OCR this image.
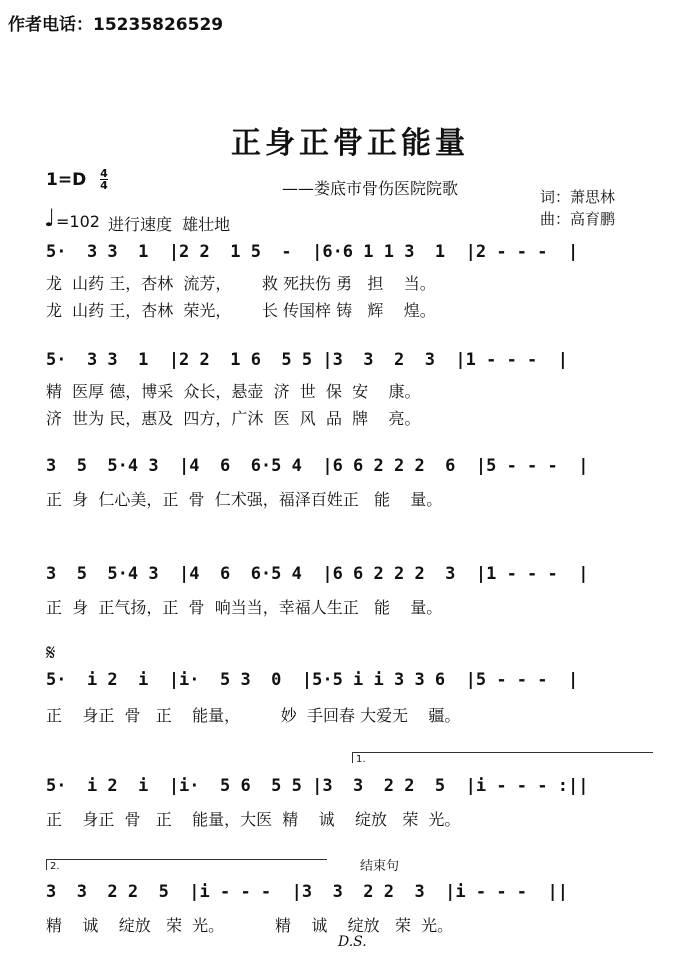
作者电话：15235826529
正身正骨正能量
1=D 4
4	——娄底市骨伤医院院歌
♩ =102 进行速度  雄壮地
词：萧思林
曲：高育鹏
5·  3 3  1  |2 2  1 5  -  |6·6 1 1 3  1  |2 - - -  |
龙  山药 王，杏林  流芳，      救 死扶伤 勇   担    当。
龙  山药 王，杏林  荣光，      长 传国梓 铸   辉    煌。
5·  3 3  1  |2 2  1 6  5 5 |3  3  2  3  |1 - - -  |
精  医厚 德，博采  众长，悬壶  济  世  保  安    康。
济  世为 民，惠及  四方，广沐  医  风  品  牌    亮。
3  5  5·4 3  |4  6  6·5 4  |6 6 2 2 2  6  |5 - - -  |
正  身  仁心美，正  骨  仁术强，福泽百姓正   能    量。
3  5  5·4 3  |4  6  6·5 4  |6 6 2 2 2  3  |1 - - -  |
正  身  正气扬，正  骨  响当当，幸福人生正   能    量。
𝄋
5·  i 2  i  |i·  5 3  0  |5·5 i i 3 3 6  |5 - - -  |
正    身正  骨   正    能量，        妙  手回春 大爱无    疆。
1.
5·  i 2  i  |i·  5 6  5 5 |3  3  2 2  5  |i - - - :||
正    身正  骨   正    能量，大医  精    诚    绽放   荣  光。
2.	结束句
3  3  2 2  5  |i - - -  |3  3  2 2  3  |i - - -  ||
精    诚    绽放   荣  光。          精    诚    绽放   荣  光。
D.S.
